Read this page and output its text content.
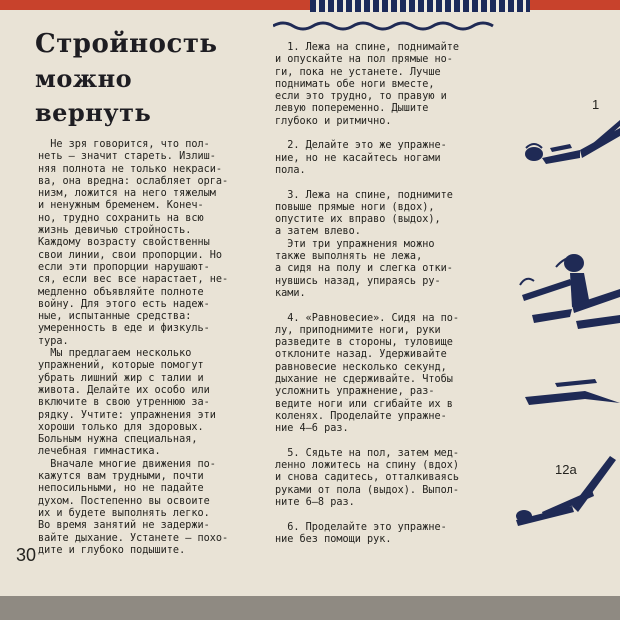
Стройность
можно
вернуть
Не зря говорится, что пол-
неть — значит стареть. Излиш-
няя полнота не только некраси-
ва, она вредна: ослабляет орга-
низм, ложится на него тяжелым
и ненужным бременем. Конеч-
но, трудно сохранить на всю
жизнь девичью стройность.
Каждому возрасту свойственны
свои линии, свои пропорции. Но
если эти пропорции нарушают-
ся, если вес все нарастает, не-
медленно объявляйте полноте
войну. Для этого есть надеж-
ные, испытанные средства:
умеренность в еде и физкуль-
тура.
Мы предлагаем несколько
упражнений, которые помогут
убрать лишний жир с талии и
живота. Делайте их особо или
включите в свою утреннюю за-
рядку. Учтите: упражнения эти
хороши только для здоровых.
Больным нужна специальная,
лечебная гимнастика.
Вначале многие движения по-
кажутся вам трудными, почти
непосильными, но не падайте
духом. Постепенно вы освоите
их и будете выполнять легко.
Во время занятий не задержи-
вайте дыхание. Устанете — похо-
дите и глубоко подышите.
1. Лежа на спине, поднимайте
и опускайте на пол прямые но-
ги, пока не устанете. Лучше
поднимать обе ноги вместе,
если это трудно, то правую и
левую попеременно. Дышите
глубоко и ритмично.

2. Делайте это же упражне-
ние, но не касайтесь ногами
пола.

3. Лежа на спине, поднимите
повыше прямые ноги (вдох),
опустите их вправо (выдох),
а затем влево.
Эти три упражнения можно
также выполнять не лежа,
а сидя на полу и слегка отки-
нувшись назад, упираясь ру-
ками.

4. «Равновесие». Сидя на по-
лу, приподнимите ноги, руки
разведите в стороны, туловище
отклоните назад. Удерживайте
равновесие несколько секунд,
дыхание не сдерживайте. Чтобы
усложнить упражнение, раз-
ведите ноги или сгибайте их в
коленях. Проделайте упражне-
ние 4—6 раз.

5. Сядьте на пол, затем мед-
ленно ложитесь на спину (вдох)
и снова садитесь, отталкиваясь
руками от пола (выдох). Выпол-
ните 6—8 раз.

6. Проделайте это упражне-
ние без помощи рук.
30
1
12a
